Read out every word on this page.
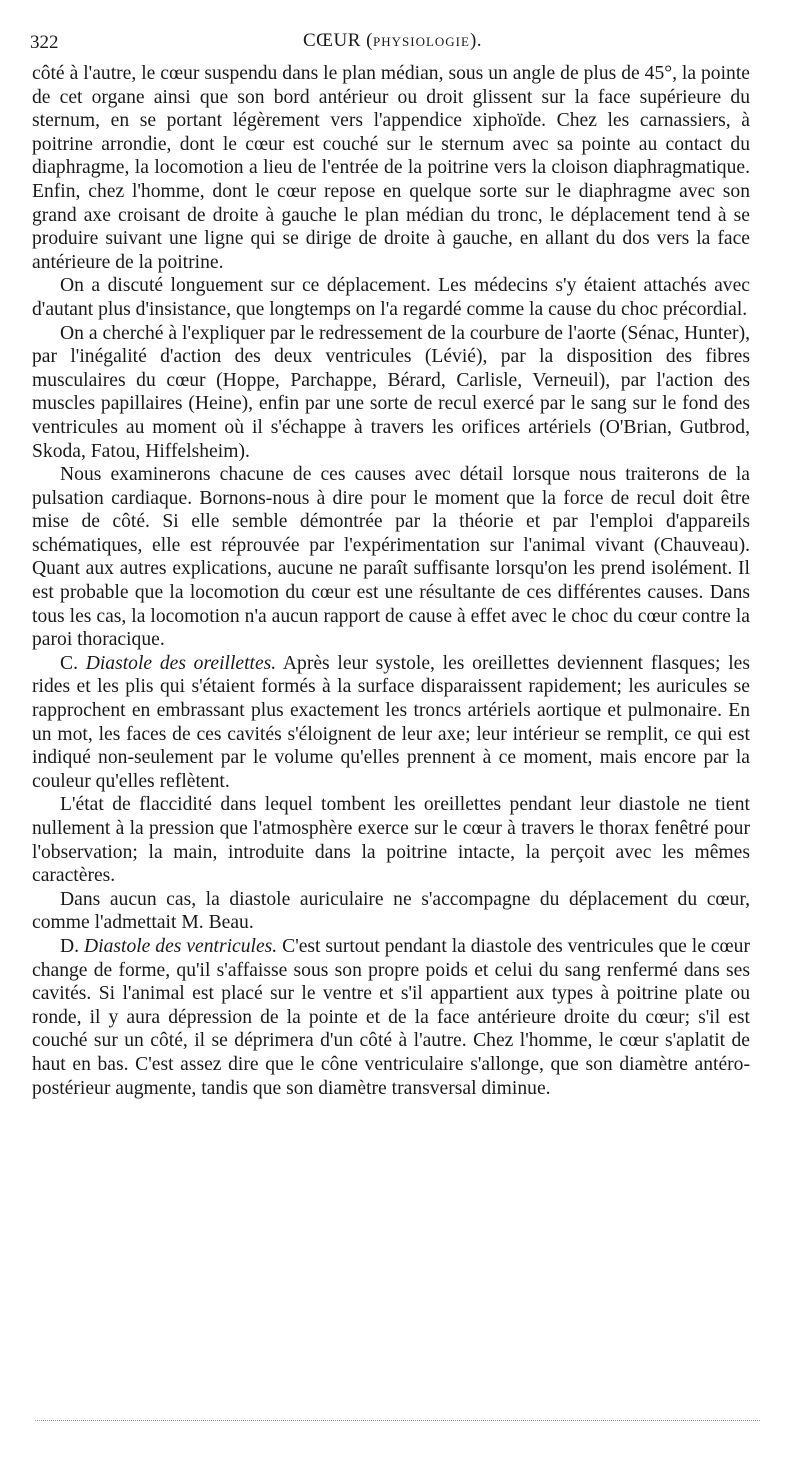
322	CŒUR (PHYSIOLOGIE).

côté à l'autre, le cœur suspendu dans le plan médian, sous un angle de plus de 45°, la pointe de cet organe ainsi que son bord antérieur ou droit glissent sur la face supérieure du sternum, en se portant légèrement vers l'appendice xiphoïde. Chez les carnassiers, à poitrine arrondie, dont le cœur est couché sur le sternum avec sa pointe au contact du diaphragme, la locomotion a lieu de l'entrée de la poitrine vers la cloison diaphragmatique. Enfin, chez l'homme, dont le cœur repose en quelque sorte sur le diaphragme avec son grand axe croisant de droite à gauche le plan médian du tronc, le déplacement tend à se produire suivant une ligne qui se dirige de droite à gauche, en allant du dos vers la face antérieure de la poitrine.

On a discuté longuement sur ce déplacement. Les médecins s'y étaient attachés avec d'autant plus d'insistance, que longtemps on l'a regardé comme la cause du choc précordial.

On a cherché à l'expliquer par le redressement de la courbure de l'aorte (Sénac, Hunter), par l'inégalité d'action des deux ventricules (Lévié), par la disposition des fibres musculaires du cœur (Hoppe, Parchappe, Bérard, Carlisle, Verneuil), par l'action des muscles papillaires (Heine), enfin par une sorte de recul exercé par le sang sur le fond des ventricules au moment où il s'échappe à travers les orifices artériels (O'Brian, Gutbrod, Skoda, Fatou, Hiffelsheim).

Nous examinerons chacune de ces causes avec détail lorsque nous traiterons de la pulsation cardiaque. Bornons-nous à dire pour le moment que la force de recul doit être mise de côté. Si elle semble démontrée par la théorie et par l'emploi d'appareils schématiques, elle est réprouvée par l'expérimentation sur l'animal vivant (Chauveau). Quant aux autres explications, aucune ne paraît suffisante lorsqu'on les prend isolément. Il est probable que la locomotion du cœur est une résultante de ces différentes causes. Dans tous les cas, la locomotion n'a aucun rapport de cause à effet avec le choc du cœur contre la paroi thoracique.

C. Diastole des oreillettes. Après leur systole, les oreillettes deviennent flasques; les rides et les plis qui s'étaient formés à la surface disparaissent rapidement; les auricules se rapprochent en embrassant plus exactement les troncs artériels aortique et pulmonaire. En un mot, les faces de ces cavités s'éloignent de leur axe; leur intérieur se remplit, ce qui est indiqué non-seulement par le volume qu'elles prennent à ce moment, mais encore par la couleur qu'elles reflètent.

L'état de flaccidité dans lequel tombent les oreillettes pendant leur diastole ne tient nullement à la pression que l'atmosphère exerce sur le cœur à travers le thorax fenêtré pour l'observation; la main, introduite dans la poitrine intacte, la perçoit avec les mêmes caractères.

Dans aucun cas, la diastole auriculaire ne s'accompagne du déplacement du cœur, comme l'admettait M. Beau.

D. Diastole des ventricules. C'est surtout pendant la diastole des ventricules que le cœur change de forme, qu'il s'affaisse sous son propre poids et celui du sang renfermé dans ses cavités. Si l'animal est placé sur le ventre et s'il appartient aux types à poitrine plate ou ronde, il y aura dépression de la pointe et de la face antérieure droite du cœur; s'il est couché sur un côté, il se déprimera d'un côté à l'autre. Chez l'homme, le cœur s'aplatit de haut en bas. C'est assez dire que le cône ventriculaire s'allonge, que son diamètre antéro-postérieur augmente, tandis que son diamètre transversal diminue.
